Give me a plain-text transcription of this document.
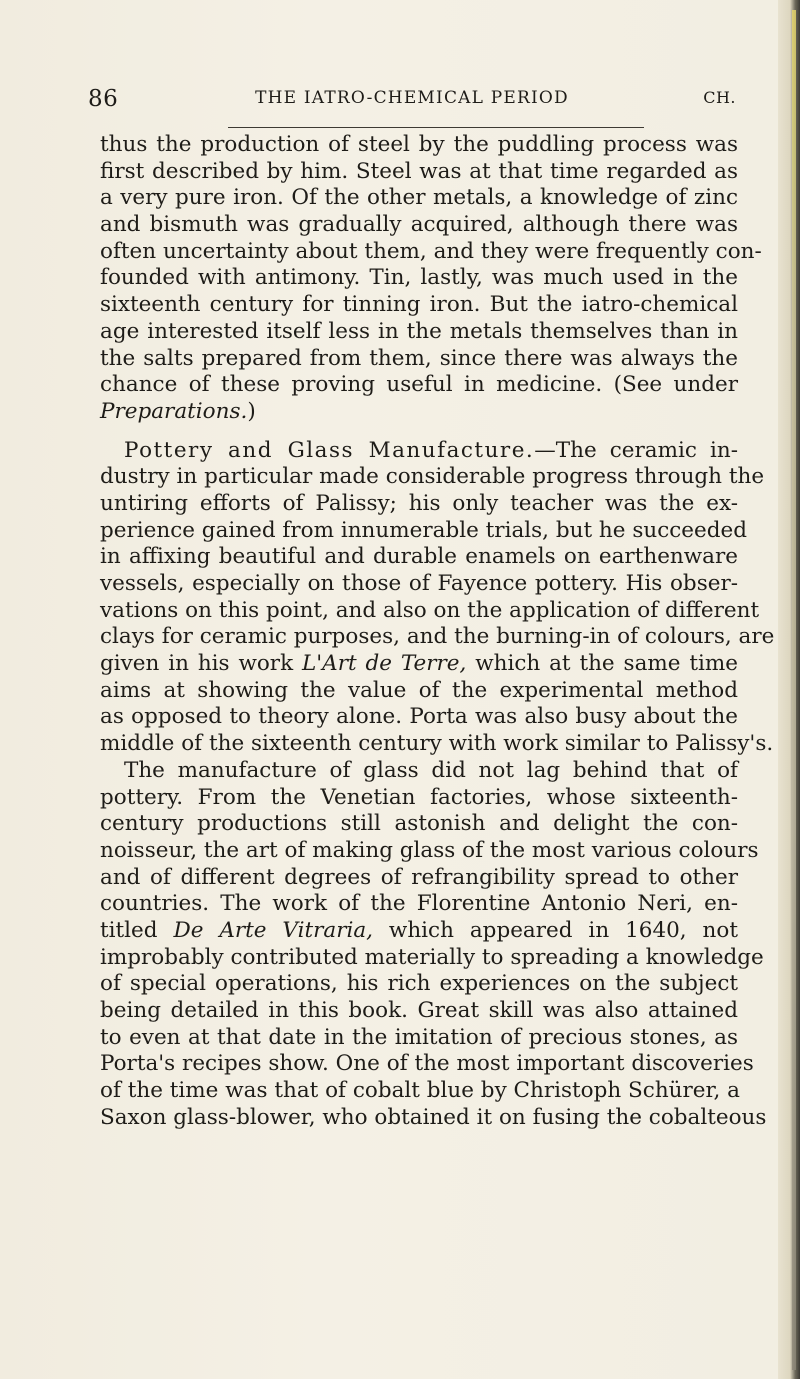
86	THE IATRO-CHEMICAL PERIOD	CH.
thus the production of steel by the puddling process was
first described by him. Steel was at that time regarded as
a very pure iron. Of the other metals, a knowledge of zinc
and bismuth was gradually acquired, although there was
often uncertainty about them, and they were frequently con-
founded with antimony. Tin, lastly, was much used in the
sixteenth century for tinning iron. But the iatro-chemical
age interested itself less in the metals themselves than in
the salts prepared from them, since there was always the
chance of these proving useful in medicine. (See under
Preparations.)
Pottery and Glass Manufacture.—The ceramic in-
dustry in particular made considerable progress through the
untiring efforts of Palissy; his only teacher was the ex-
perience gained from innumerable trials, but he succeeded
in affixing beautiful and durable enamels on earthenware
vessels, especially on those of Fayence pottery. His obser-
vations on this point, and also on the application of different
clays for ceramic purposes, and the burning-in of colours, are
given in his work L'Art de Terre, which at the same time
aims at showing the value of the experimental method
as opposed to theory alone. Porta was also busy about the
middle of the sixteenth century with work similar to Palissy's.
The manufacture of glass did not lag behind that of
pottery. From the Venetian factories, whose sixteenth-
century productions still astonish and delight the con-
noisseur, the art of making glass of the most various colours
and of different degrees of refrangibility spread to other
countries. The work of the Florentine Antonio Neri, en-
titled De Arte Vitraria, which appeared in 1640, not
improbably contributed materially to spreading a knowledge
of special operations, his rich experiences on the subject
being detailed in this book. Great skill was also attained
to even at that date in the imitation of precious stones, as
Porta's recipes show. One of the most important discoveries
of the time was that of cobalt blue by Christoph Schürer, a
Saxon glass-blower, who obtained it on fusing the cobalteous
